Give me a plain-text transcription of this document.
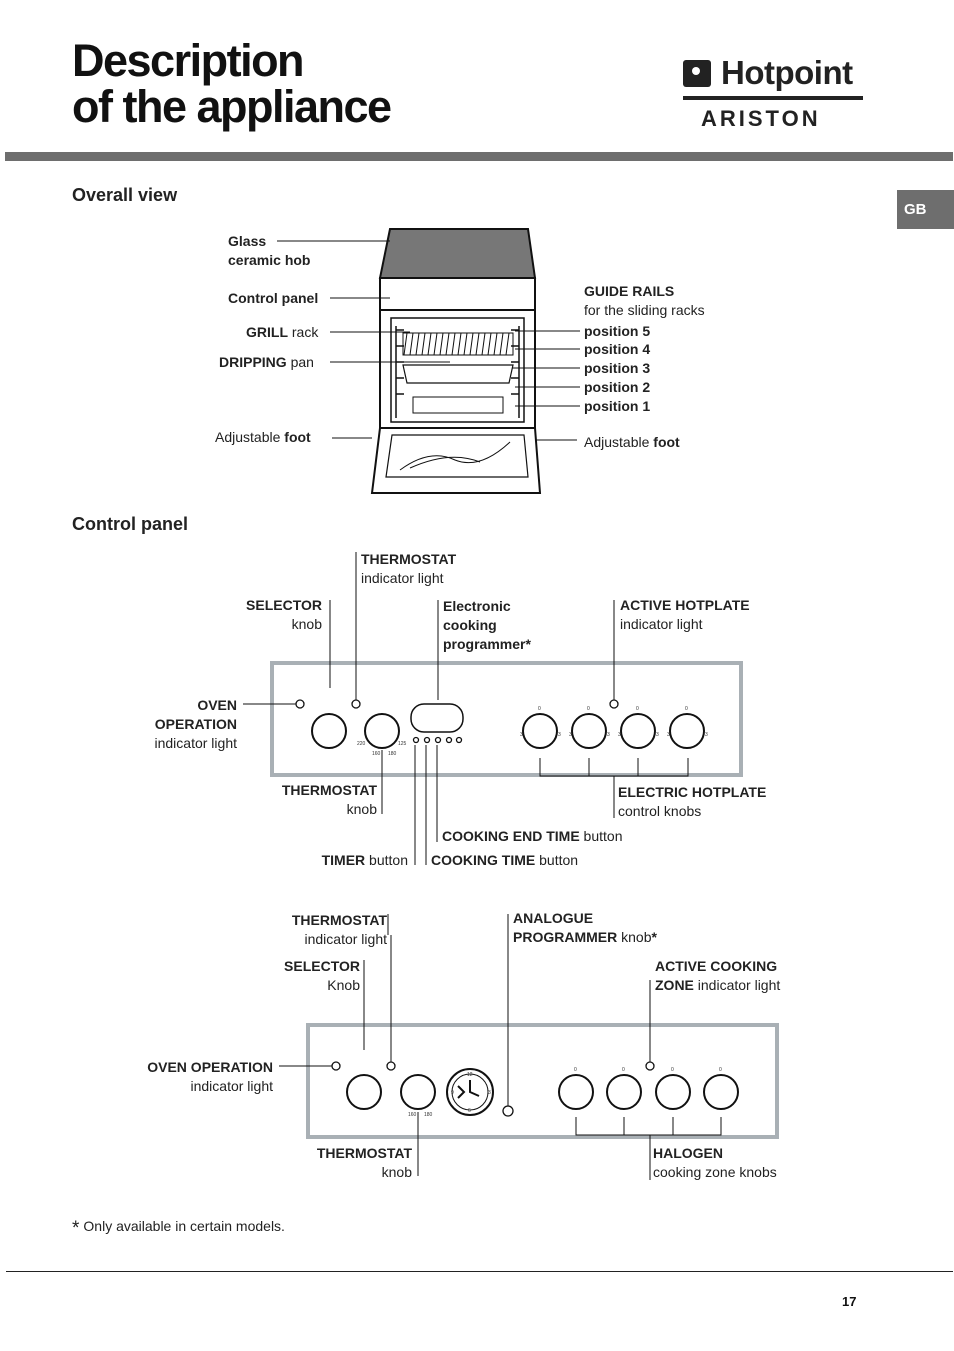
Description
of the appliance
Hotpoint
ARISTON
GB
Overall view
Control panel
0	0	0	0
3	3 3	3 3	3 3	3
160 180
220	125
0	0	0	0
12
3
6
9
160 180
Glass
ceramic hob
Control panel
GRILL rack
DRIPPING pan
Adjustable foot
GUIDE RAILS
for the sliding racks
position 5
position 4
position 3
position 2
position 1
Adjustable foot
THERMOSTAT
indicator light
SELECTOR
knob
Electronic
cooking
programmer*
ACTIVE HOTPLATE
indicator light
OVEN
OPERATION
indicator light
THERMOSTAT
knob
ELECTRIC HOTPLATE
control knobs
COOKING END TIME button
TIMER button COOKING TIME button
THERMOSTAT
indicator light
ANALOGUE
PROGRAMMER knob*
SELECTOR
Knob
ACTIVE COOKING
ZONE indicator light
OVEN OPERATION
indicator light
THERMOSTAT
knob
HALOGEN
cooking zone knobs
* Only available in certain models.
17
